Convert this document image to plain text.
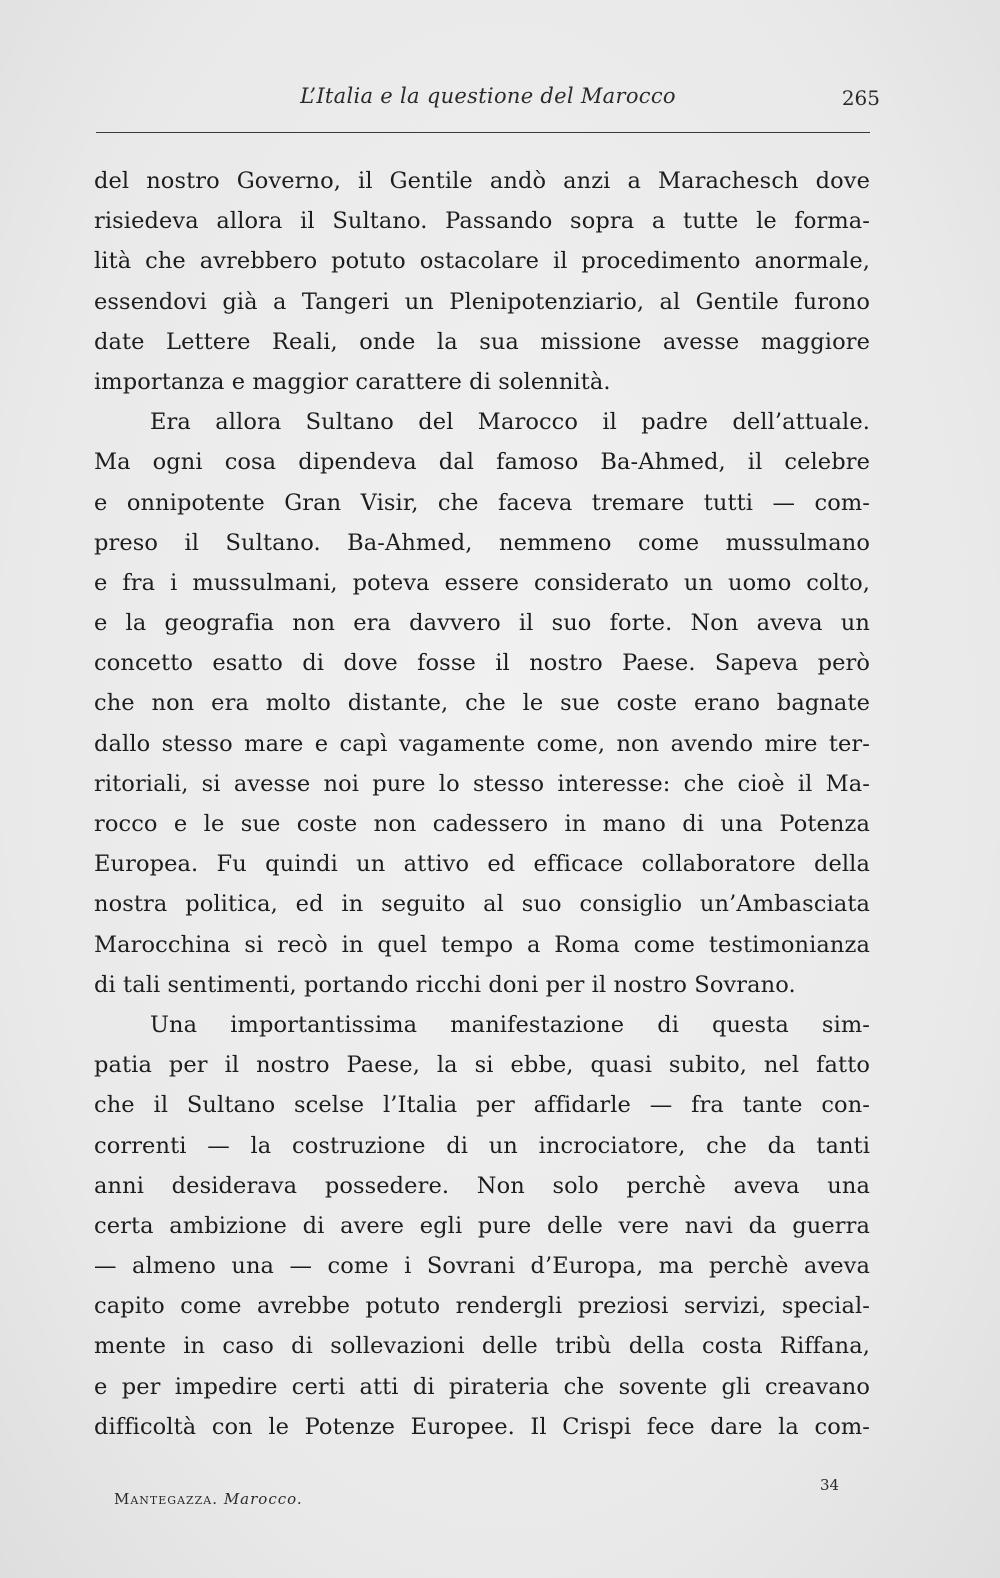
L’Italia e la questione del Marocco	265
del nostro Governo, il Gentile andò anzi a Marachesch dove
risiedeva allora il Sultano. Passando sopra a tutte le forma-
lità che avrebbero potuto ostacolare il procedimento anormale,
essendovi già a Tangeri un Plenipotenziario, al Gentile furono
date Lettere Reali, onde la sua missione avesse maggiore
importanza e maggior carattere di solennità.
Era allora Sultano del Marocco il padre dell’attuale.
Ma ogni cosa dipendeva dal famoso Ba-Ahmed, il celebre
e onnipotente Gran Visir, che faceva tremare tutti — com-
preso il Sultano. Ba-Ahmed, nemmeno come mussulmano
e fra i mussulmani, poteva essere considerato un uomo colto,
e la geografia non era davvero il suo forte. Non aveva un
concetto esatto di dove fosse il nostro Paese. Sapeva però
che non era molto distante, che le sue coste erano bagnate
dallo stesso mare e capì vagamente come, non avendo mire ter-
ritoriali, si avesse noi pure lo stesso interesse: che cioè il Ma-
rocco e le sue coste non cadessero in mano di una Potenza
Europea. Fu quindi un attivo ed efficace collaboratore della
nostra politica, ed in seguito al suo consiglio un’Ambasciata
Marocchina si recò in quel tempo a Roma come testimonianza
di tali sentimenti, portando ricchi doni per il nostro Sovrano.
Una importantissima manifestazione di questa sim-
patia per il nostro Paese, la si ebbe, quasi subito, nel fatto
che il Sultano scelse l’Italia per affidarle — fra tante con-
correnti — la costruzione di un incrociatore, che da tanti
anni desiderava possedere. Non solo perchè aveva una
certa ambizione di avere egli pure delle vere navi da guerra
— almeno una — come i Sovrani d’Europa, ma perchè aveva
capito come avrebbe potuto rendergli preziosi servizi, special-
mente in caso di sollevazioni delle tribù della costa Riffana,
e per impedire certi atti di pirateria che sovente gli creavano
difficoltà con le Potenze Europee. Il Crispi fece dare la com-
Mantegazza. Marocco.
34
